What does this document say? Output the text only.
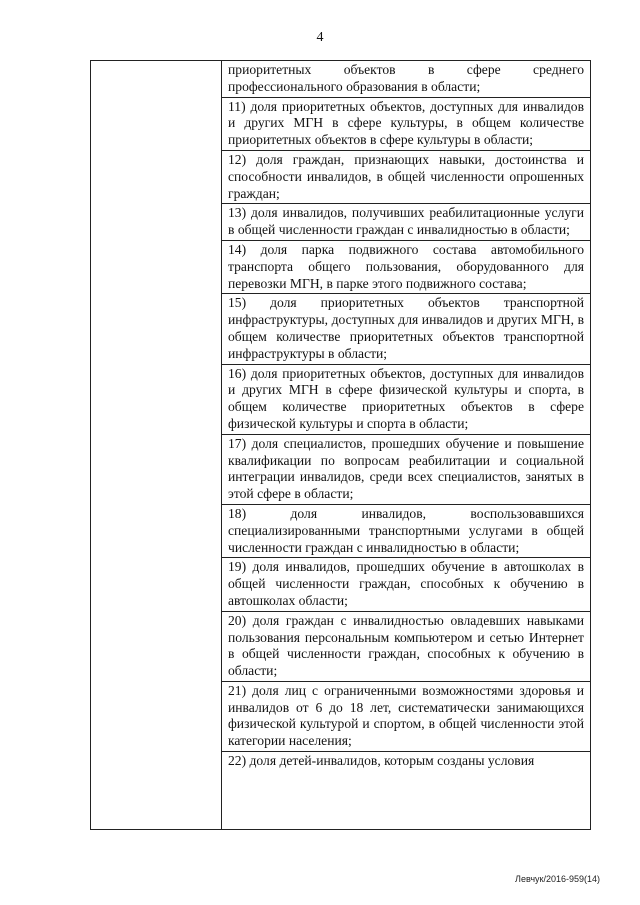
4

приоритетных объектов в сфере среднего профессионального образования в области;
11) доля приоритетных объектов, доступных для инвалидов и других МГН в сфере культуры, в общем количестве приоритетных объектов в сфере культуры в области;
12) доля граждан, признающих навыки, достоинства и способности инвалидов, в общей численности опрошенных граждан;
13) доля инвалидов, получивших реабилитационные услуги в общей численности граждан с инвалидностью в области;
14) доля парка подвижного состава автомобильного транспорта общего пользования, оборудованного для перевозки МГН, в парке этого подвижного состава;
15) доля приоритетных объектов транспортной инфраструктуры, доступных для инвалидов и других МГН, в общем количестве приоритетных объектов транспортной инфраструктуры в области;
16) доля приоритетных объектов, доступных для инвалидов и других МГН в сфере физической культуры и спорта, в общем количестве приоритетных объектов в сфере физической культуры и спорта в области;
17) доля специалистов, прошедших обучение и повышение квалификации по вопросам реабилитации и социальной интеграции инвалидов, среди всех специалистов, занятых в этой сфере в области;
18) доля инвалидов, воспользовавшихся специализированными транспортными услугами в общей численности граждан с инвалидностью в области;
19) доля инвалидов, прошедших обучение в автошколах в общей численности граждан, способных к обучению в автошколах области;
20) доля граждан с инвалидностью овладевших навыками пользования персональным компьютером и сетью Интернет в общей численности граждан, способных к обучению в области;
21) доля лиц с ограниченными возможностями здоровья и инвалидов от 6 до 18 лет, систематически занимающихся физической культурой и спортом, в общей численности этой категории населения;
22) доля детей-инвалидов, которым созданы условия
Левчук/2016-959(14)
